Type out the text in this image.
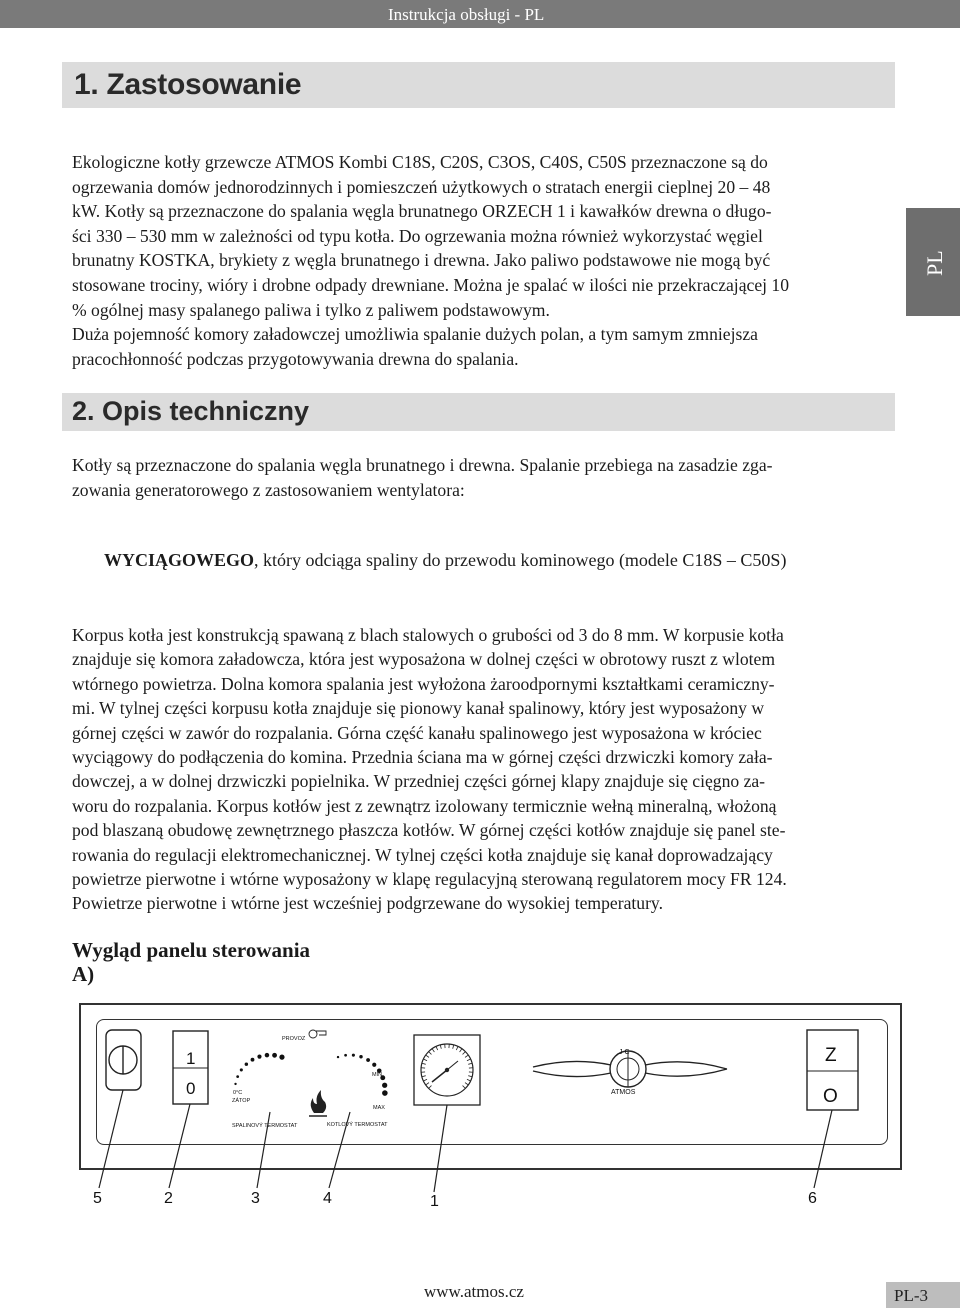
Instrukcja obsługi - PL
1. Zastosowanie
PL
Ekologiczne kotły grzewcze ATMOS Kombi C18S, C20S, C3OS, C40S, C50S przeznaczone są do
ogrzewania domów jednorodzinnych i pomieszczeń użytkowych o stratach energii cieplnej 20 – 48
kW. Kotły są przeznaczone do spalania węgla brunatnego ORZECH 1 i kawałków drewna o długo-
ści 330 – 530 mm w zależności od typu kotła. Do ogrzewania można również wykorzystać węgiel
brunatny KOSTKA, brykiety z węgla brunatnego i drewna. Jako paliwo podstawowe nie mogą być
stosowane trociny, wióry i drobne odpady drewniane. Można je spalać w ilości nie przekraczającej 10
% ogólnej masy spalanego paliwa i tylko z paliwem podstawowym.
Duża pojemność komory załadowczej umożliwia spalanie dużych polan, a tym samym zmniejsza
pracochłonność podczas przygotowywania drewna do spalania.
2. Opis techniczny
Kotły są przeznaczone do spalania węgla brunatnego i drewna. Spalanie przebiega na zasadzie zga-
zowania generatorowego z zastosowaniem wentylatora:

WYCIĄGOWEGO, który odciąga spaliny do przewodu kominowego (modele C18S – C50S)

Korpus kotła jest konstrukcją spawaną z blach stalowych o grubości od 3 do 8 mm. W korpusie kotła
znajduje się komora załadowcza, która jest wyposażona w dolnej części w obrotowy ruszt z wlotem
wtórnego powietrza. Dolna komora spalania jest wyłożona żaroodpornymi kształtkami ceramiczny-
mi. W tylnej części korpusu kotła znajduje się pionowy kanał spalinowy, który jest wyposażony w
górnej części w zawór do rozpalania. Górna część kanału spalinowego jest wyposażona w króciec
wyciągowy do podłączenia do komina. Przednia ściana ma w górnej części drzwiczki komory zała-
dowczej, a w dolnej drzwiczki popielnika. W przedniej części górnej klapy znajduje się cięgno za-
woru do rozpalania. Korpus kotłów jest z zewnątrz izolowany termicznie wełną mineralną, włożoną
pod blaszaną obudowę zewnętrznego płaszcza kotłów. W górnej części kotłów znajduje się panel ste-
rowania do regulacji elektromechanicznej. W tylnej części kotła znajduje się kanał doprowadzający
powietrze pierwotne i wtórne wyposażony w klapę regulacyjną sterowaną regulatorem mocy FR 124.
Powietrze pierwotne i wtórne jest wcześniej podgrzewane do wysokiej temperatury.
Wygląd panelu sterowania
A)
1
0	0°C
ZÁTOP
SPALINOVÝ TERMOSTAT
PROVOZ
MIN
MAX
KOTLOVÝ TERMOSTAT
J C
ATMOS
Z
O
5	2	3	4	1	6
www.atmos.cz	PL-3
